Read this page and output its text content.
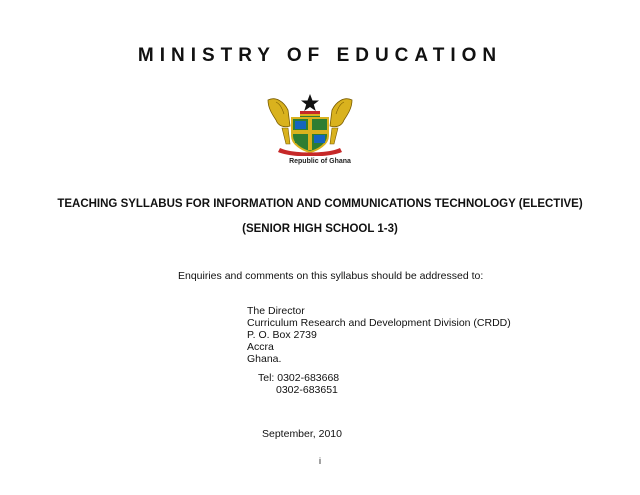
MINISTRY OF EDUCATION
Republic of Ghana
TEACHING SYLLABUS FOR INFORMATION AND COMMUNICATIONS TECHNOLOGY (ELECTIVE)
(SENIOR HIGH SCHOOL 1-3)
Enquiries and comments on this syllabus should be addressed to:
The Director
Curriculum Research and Development Division (CRDD)
P. O. Box 2739
Accra
Ghana.
Tel: 0302-683668
0302-683651
September, 2010
i
